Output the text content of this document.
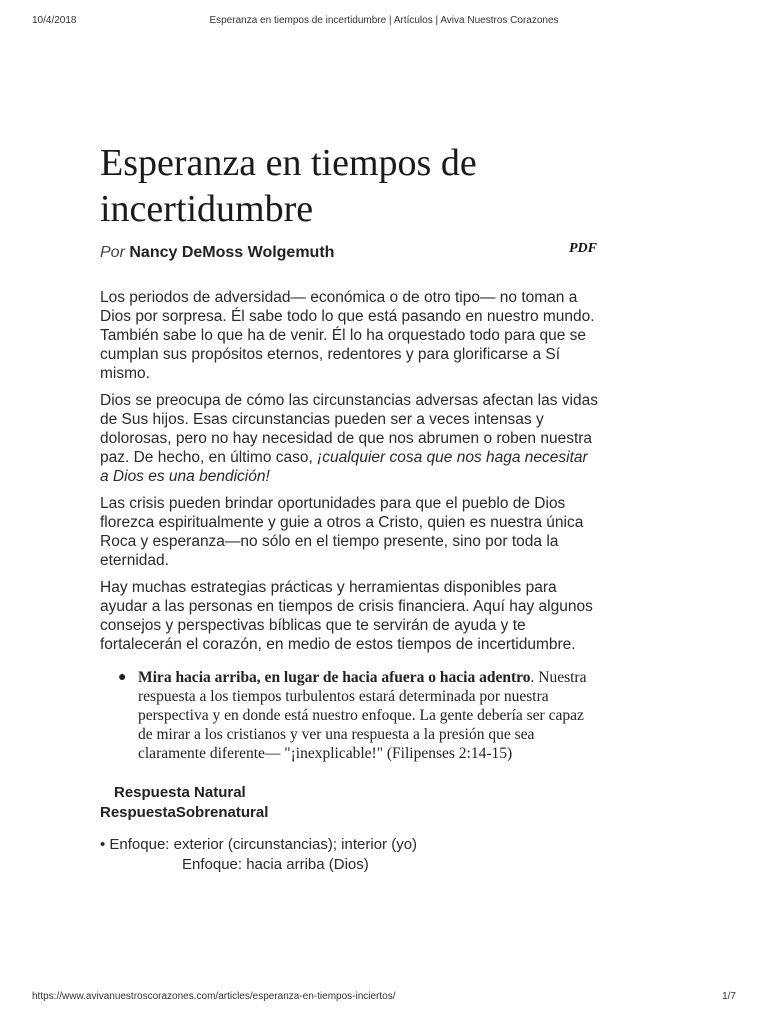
10/4/2018	Esperanza en tiempos de incertidumbre | Artículos | Aviva Nuestros Corazones
Esperanza en tiempos de incertidumbre
Por Nancy DeMoss Wolgemuth	PDF

Los periodos de adversidad— económica o de otro tipo— no toman a Dios por sorpresa. Él sabe todo lo que está pasando en nuestro mundo. También sabe lo que ha de venir. Él lo ha orquestado todo para que se cumplan sus propósitos eternos, redentores y para glorificarse a Sí mismo.

Dios se preocupa de cómo las circunstancias adversas afectan las vidas de Sus hijos. Esas circunstancias pueden ser a veces intensas y dolorosas, pero no hay necesidad de que nos abrumen o roben nuestra paz. De hecho, en último caso, ¡cualquier cosa que nos haga necesitar a Dios es una bendición!

Las crisis pueden brindar oportunidades para que el pueblo de Dios florezca espiritualmente y guie a otros a Cristo, quien es nuestra única Roca y esperanza—no sólo en el tiempo presente, sino por toda la eternidad.

Hay muchas estrategias prácticas y herramientas disponibles para ayudar a las personas en tiempos de crisis financiera. Aquí hay algunos consejos y perspectivas bíblicas que te servirán de ayuda y te fortalecerán el corazón, en medio de estos tiempos de incertidumbre.

● Mira hacia arriba, en lugar de hacia afuera o hacia adentro. Nuestra respuesta a los tiempos turbulentos estará determinada por nuestra perspectiva y en donde está nuestro enfoque. La gente debería ser capaz de mirar a los cristianos y ver una respuesta a la presión que sea claramente diferente— "¡inexplicable!" (Filipenses 2:14-15)
Respuesta Natural
RespuestaSobrenatural
• Enfoque: exterior (circunstancias); interior (yo)
Enfoque: hacia arriba (Dios)
https://www.avivanuestroscorazones.com/articles/esperanza-en-tiempos-inciertos/	1/7
